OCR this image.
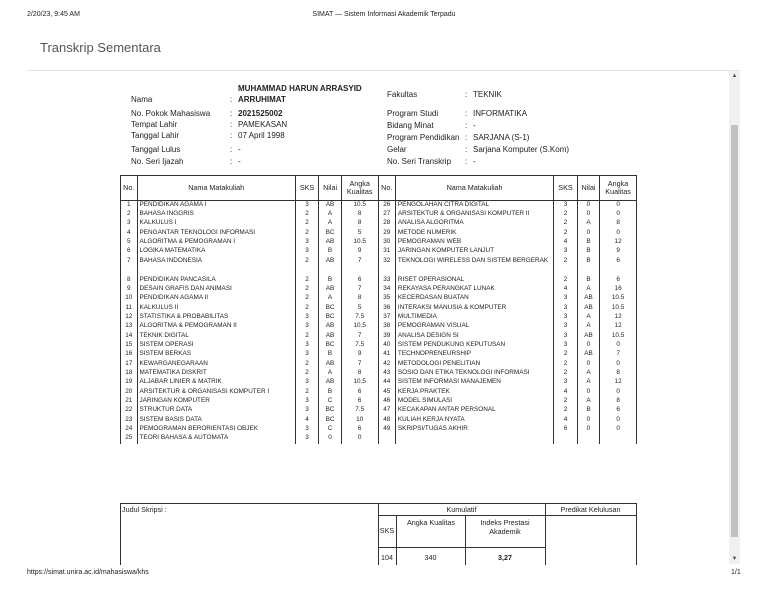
2/20/23, 9:45 AM	SIMAT — Sistem Informasi Akademik Terpadu
Transkrip Sementara
▲
▼
Nama	:
MUHAMMAD HARUN ARRASYID
ARRUHIMAT
No. Pokok Mahasiswa : 2021525002
Tempat Lahir	: PAMEKASAN
Tanggal Lahir	: 07 April 1998
Tanggal Lulus	: -
No. Seri Ijazah	: -
Fakultas	: TEKNIK
Program Studi	: INFORMATIKA
Bidang Minat	: -
Program Pendidikan : SARJANA (S-1)
Gelar	: Sarjana Komputer (S.Kom)
No. Seri Transkrip : -
No.	Nama Matakuliah	SKS	Nilai	Angka Kualitas	No.	Nama Matakuliah	SKS	Nilai	Angka Kualitas
1	PENDIDIKAN AGAMA I	3	AB	10.5	26	PENGOLAHAN CITRA DIGITAL	3	0	0
2	BAHASA INGGRIS	2	A	8	27	ARSITEKTUR & ORGANISASI KOMPUTER II	2	0	0
3	KALKULUS I	2	A	8	28	ANALISA ALGORITMA	2	A	8
4	PENGANTAR TEKNOLOGI INFORMASI	2	BC	5	29	METODE NUMERIK	2	0	0
5	ALGORITMA & PEMOGRAMAN I	3	AB	10.5	30	PEMOGRAMAN WEB	4	B	12
6	LOGIKA MATEMATIKA	3	B	9	31	JARINGAN KOMPUTER LANJUT	3	B	9
7	BAHASA INDONESIA	2	AB	7	32	TEKNOLOGI WIRELESS DAN SISTEM BERGERAK	2	B	6
8	PENDIDIKAN PANCASILA	2	B	6	33	RISET OPERASIONAL	2	B	6
9	DESAIN GRAFIS DAN ANIMASI	2	AB	7	34	REKAYASA PERANGKAT LUNAK	4	A	16
10	PENDIDIKAN AGAMA II	2	A	8	35	KECERDASAN BUATAN	3	AB	10.5
11	KALKULUS II	2	BC	5	36	INTERAKSI MANUSIA & KOMPUTER	3	AB	10.5
12	STATISTIKA & PROBABILITAS	3	BC	7.5	37	MULTIMEDIA	3	A	12
13	ALGORITMA & PEMOGRAMAN II	3	AB	10.5	38	PEMOGRAMAN VISUAL	3	A	12
14	TEKNIK DIGITAL	2	AB	7	39	ANALISA DESIGN SI	3	AB	10.5
15	SISTEM OPERASI	3	BC	7.5	40	SISTEM PENDUKUNG KEPUTUSAN	3	0	0
16	SISTEM BERKAS	3	B	9	41	TECHNOPRENEURSHIP	2	AB	7
17	KEWARGANEGARAAN	2	AB	7	42	METODOLOGI PENELITIAN	2	0	0
18	MATEMATIKA DISKRIT	2	A	8	43	SOSIO DAN ETIKA TEKNOLOGI INFORMASI	2	A	8
19	ALJABAR LINIER & MATRIK	3	AB	10.5	44	SISTEM INFORMASI MANAJEMEN	3	A	12
20	ARSITEKTUR & ORGANISASI KOMPUTER I	2	B	6	45	KERJA PRAKTEK	4	0	0
21	JARINGAN KOMPUTER	3	C	6	46	MODEL SIMULASI	2	A	8
22	STRUKTUR DATA	3	BC	7.5	47	KECAKAPAN ANTAR PERSONAL	2	B	6
23	SISTEM BASIS DATA	4	BC	10	48	KULIAH KERJA NYATA	4	0	0
24	PEMOGRAMAN BERORIENTASI OBJEK	3	C	6	49	SKRIPSI/TUGAS AKHIR	6	0	0
25	TEORI BAHASA & AUTOMATA	3	0	0					
Judul Skripsi :	Kumulatif	Predikat Kelulusan
SKS
Angka Kualitas	Indeks Prestasi Akademik
104	340	3,27
https://simat.unira.ac.id/mahasiswa/khs	1/1
